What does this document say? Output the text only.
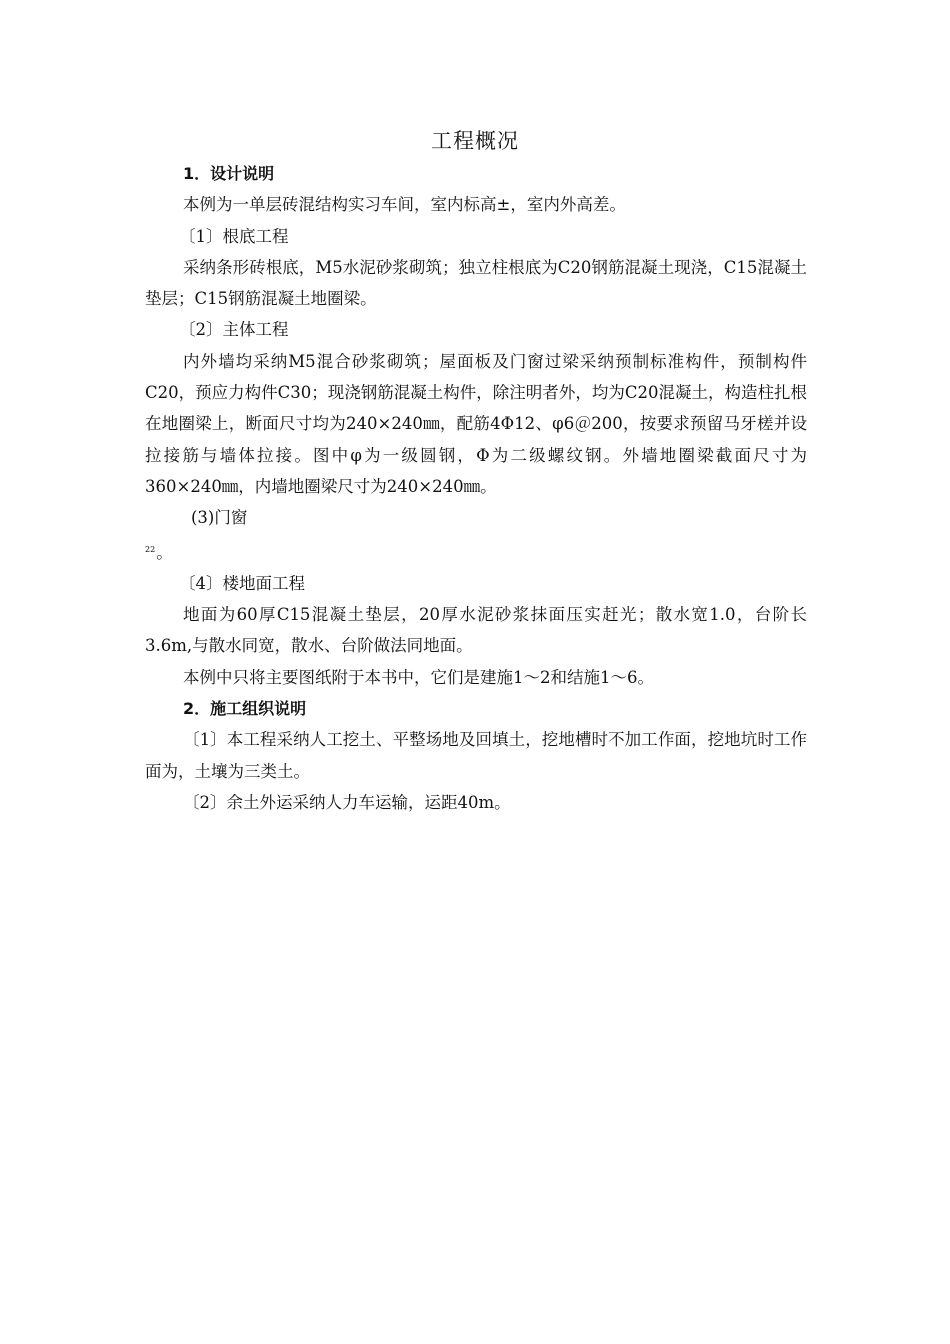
工程概况

1．设计说明

本例为一单层砖混结构实习车间，室内标高±，室内外高差。

〔1〕根底工程

采纳条形砖根底，M5水泥砂浆砌筑；独立柱根底为C20钢筋混凝土现浇，C15混凝土垫层；C15钢筋混凝土地圈梁。

〔2〕主体工程

内外墙均采纳M5混合砂浆砌筑；屋面板及门窗过梁采纳预制标准构件，预制构件C20，预应力构件C30；现浇钢筋混凝土构件，除注明者外，均为C20混凝土，构造柱扎根在地圈梁上，断面尺寸均为240×240㎜，配筋4Φ12、φ6＠200，按要求预留马牙槎并设拉接筋与墙体拉接。图中φ为一级圆钢，Φ为二级螺纹钢。外墙地圈梁截面尺寸为360×240㎜，内墙地圈梁尺寸为240×240㎜。

(3)门窗

$^{22}$。

〔4〕楼地面工程

地面为60厚C15混凝土垫层，20厚水泥砂浆抹面压实赶光；散水宽1.0，台阶长3.6m,与散水同宽，散水、台阶做法同地面。

本例中只将主要图纸附于本书中，它们是建施1～2和结施1～6。

2．施工组织说明

〔1〕本工程采纳人工挖土、平整场地及回填土，挖地槽时不加工作面，挖地坑时工作面为，土壤为三类土。

〔2〕余土外运采纳人力车运输，运距40m。
